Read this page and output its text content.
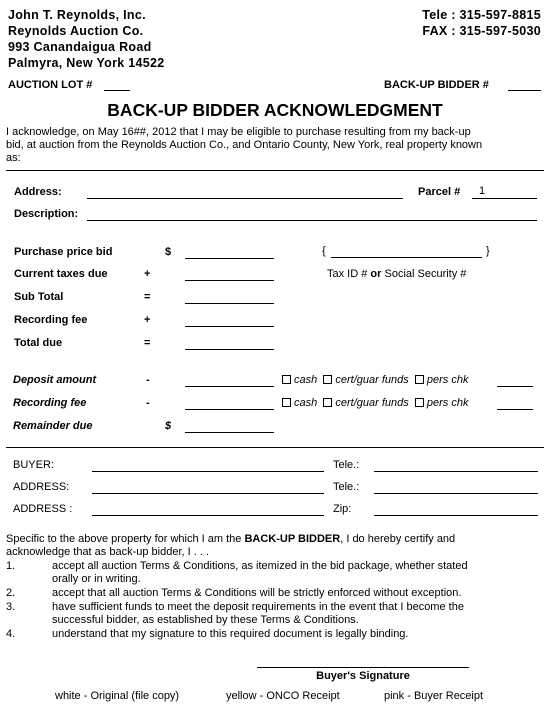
John T. Reynolds, Inc.
Reynolds Auction Co.
993 Canandaigua Road
Palmyra, New York 14522
Tele : 315-597-8815
FAX : 315-597-5030
AUCTION LOT #	BACK-UP BIDDER #
BACK-UP BIDDER ACKNOWLEDGMENT
I acknowledge, on May 16##, 2012 that I may be eligible to purchase resulting from my back-up
bid, at auction from the Reynolds Auction Co., and Ontario County, New York, real property known
as:
Address:	Parcel # 1
Description:
Purchase price bid	$	{	}
Current taxes due	+	Tax ID # or Social Security #
Sub Total	=
Recording fee	+
Total due	=
Deposit amount	-	cash cert/guar funds pers chk
Recording fee	-	cash cert/guar funds pers chk
Remainder due	$
BUYER:	Tele.:
ADDRESS:	Tele.:
ADDRESS :	Zip:
Specific to the above property for which I am the BACK-UP BIDDER, I do hereby certify and
acknowledge that as back-up bidder, I . . .
1.	accept all auction Terms & Conditions, as itemized in the bid package, whether stated
orally or in writing.
2.	accept that all auction Terms & Conditions will be strictly enforced without exception.
3.	have sufficient funds to meet the deposit requirements in the event that I become the
successful bidder, as established by these Terms & Conditions.
4.	understand that my signature to this required document is legally binding.
Buyer's Signature
white - Original (file copy)	yellow - ONCO Receipt	pink - Buyer Receipt
